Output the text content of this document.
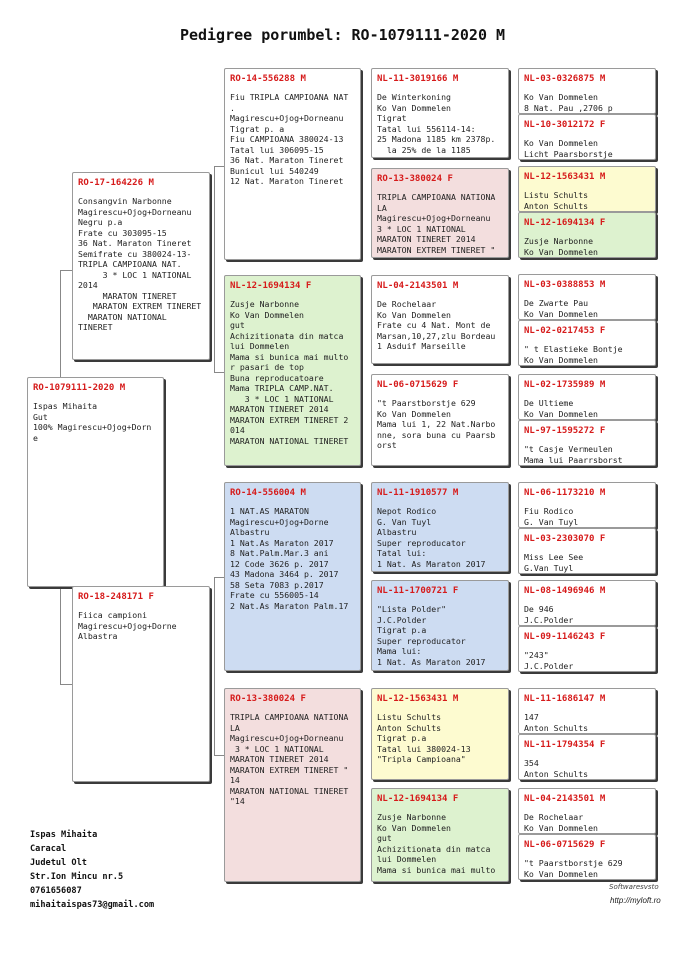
Pedigree porumbel: RO-1079111-2020 M
RO-1079111-2020 M
Ispas Mihaita
Gut
100% Magirescu+Ojog+Dorn
e
RO-17-164226 M
Consangvin Narbonne
Magirescu+Ojog+Dorneanu
Negru p.a
Frate cu 303095-15
36 Nat. Maraton Tineret
Semifrate cu 380024-13-
TRIPLA CAMPIOANA NAT.
3 * LOC 1 NATIONAL
2014
MARATON TINERET
MARATON EXTREM TINERET
MARATON NATIONAL TINERET
RO-18-248171 F
Fiica campioni
Magirescu+Ojog+Dorne
Albastra
RO-14-556288 M
Fiu TRIPLA CAMPIOANA NAT
.
Magirescu+Ojog+Dorneanu
Tigrat p. a
Fiu CAMPIOANA 380024-13
Tatal lui 306095-15
36 Nat. Maraton Tineret
Bunicul lui 540249
12 Nat. Maraton Tineret
NL-12-1694134 F
Zusje Narbonne
Ko Van Dommelen
gut
Achizitionata din matca
lui Dommelen
Mama si bunica mai multo
r pasari de top
Buna reproducatoare
Mama TRIPLA CAMP.NAT.
3 * LOC 1 NATIONAL
MARATON TINERET 2014
MARATON EXTREM TINERET 2
014
MARATON NATIONAL TINERET
RO-14-556004 M
1 NAT.AS MARATON
Magirescu+Ojog+Dorne
Albastru
1 Nat.As Maraton 2017
8 Nat.Palm.Mar.3 ani
12 Code 3626 p. 2017
43 Madona 3464 p. 2017
58 Seta 7083 p.2017
Frate cu 556005-14
2 Nat.As Maraton Palm.17
RO-13-380024 F
TRIPLA CAMPIOANA NATIONA
LA
Magirescu+Ojog+Dorneanu
3 * LOC 1 NATIONAL
MARATON TINERET 2014
MARATON EXTREM TINERET "
14
MARATON NATIONAL TINERET
"14
NL-11-3019166 M
De Winterkoning
Ko Van Dommelen
Tigrat
Tatal lui 556114-14:
25 Madona 1185 km 2378p.
la 25% de la 1185
RO-13-380024 F
TRIPLA CAMPIOANA NATIONA
LA
Magirescu+Ojog+Dorneanu
3 * LOC 1 NATIONAL
MARATON TINERET 2014
MARATON EXTREM TINERET "
NL-04-2143501 M
De Rochelaar
Ko Van Dommelen
Frate cu 4 Nat. Mont de
Marsan,10,27,zlu Bordeau
1 Asduif Marseille
NL-06-0715629 F
"t Paarstborstje 629
Ko Van Dommelen
Mama lui 1, 22 Nat.Narbo
nne, sora buna cu Paarsb
orst
NL-11-1910577 M
Nepot Rodico
G. Van Tuyl
Albastru
Super reproducator
Tatal lui:
1 Nat. As Maraton 2017
NL-11-1700721 F
"Lista Polder"
J.C.Polder
Tigrat p.a
Super reproducator
Mama lui:
1 Nat. As Maraton 2017
NL-12-1563431 M
Listu Schults
Anton Schults
Tigrat p.a
Tatal lui 380024-13
"Tripla Campioana"
NL-12-1694134 F
Zusje Narbonne
Ko Van Dommelen
gut
Achizitionata din matca
lui Dommelen
Mama si bunica mai multo
NL-03-0326875 M
Ko Van Dommelen
8 Nat. Pau ,2706 p
NL-10-3012172 F
Ko Van Dommelen
Licht Paarsborstje
NL-12-1563431 M
Listu Schults
Anton Schults
NL-12-1694134 F
Zusje Narbonne
Ko Van Dommelen
NL-03-0388853 M
De Zwarte Pau
Ko Van Dommelen
NL-02-0217453 F
" t Elastieke Bontje
Ko Van Dommelen
NL-02-1735989 M
De Ultieme
Ko Van Dommelen
NL-97-1595272 F
"t Casje Vermeulen
Mama lui Paarrsborst
NL-06-1173210 M
Fiu Rodico
G. Van Tuyl
NL-03-2303070 F
Miss Lee See
G.Van Tuyl
NL-08-1496946 M
De 946
J.C.Polder
NL-09-1146243 F
"243"
J.C.Polder
NL-11-1686147 M
147
Anton Schults
NL-11-1794354 F
354
Anton Schults
NL-04-2143501 M
De Rochelaar
Ko Van Dommelen
NL-06-0715629 F
"t Paarstborstje 629
Ko Van Dommelen
Ispas Mihaita
Caracal
Judetul Olt
Str.Ion Mincu nr.5
0761656087
mihaitaispas73@gmail.com
Softwaresvsto
http://myloft.ro
